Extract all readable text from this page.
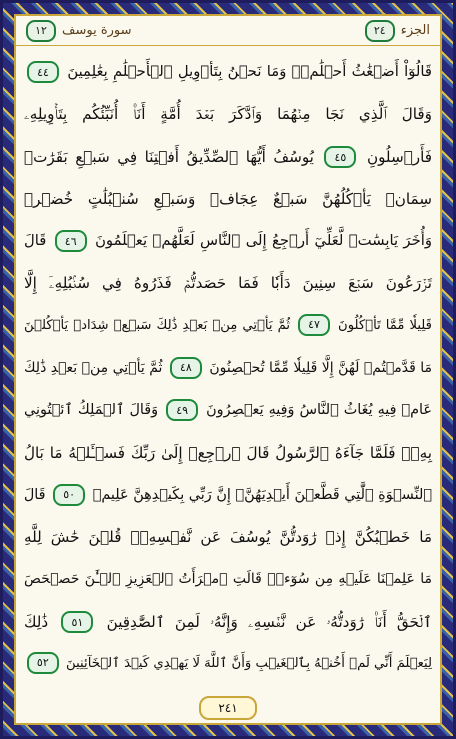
الجزء
٢٤
سورة يوسف
١٢
قَالُوٓاْ أَضۡغَٰثُ أَحۡلَٰمٖۖ وَمَا نَحۡنُ بِتَأۡوِيلِ ٱلۡأَحۡلَٰمِ بِعَٰلِمِينَ ٤٤
وَقَالَ ٱلَّذِي نَجَا مِنۡهُمَا وَٱدَّكَرَ بَعۡدَ أُمَّةٍ أَنَا۠ أُنَبِّئُكُم بِتَأۡوِيلِهِۦ
فَأَرۡسِلُونِ ٤٥ يُوسُفُ أَيُّهَا ٱلصِّدِّيقُ أَفۡتِنَا فِي سَبۡعِ بَقَرَٰتٖ
سِمَانٖ يَأۡكُلُهُنَّ سَبۡعٌ عِجَافٞ وَسَبۡعِ سُنۢبُلَٰتٍ خُضۡرٖ
وَأُخَرَ يَابِسَٰتٖ لَّعَلِّيٓ أَرۡجِعُ إِلَى ٱلنَّاسِ لَعَلَّهُمۡ يَعۡلَمُونَ ٤٦ قَالَ
تَزۡرَعُونَ سَبۡعَ سِنِينَ دَأَبٗا فَمَا حَصَدتُّمۡ فَذَرُوهُ فِي سُنۢبُلِهِۦٓ إِلَّا
قَلِيلٗا مِّمَّا تَأۡكُلُونَ ٤٧ ثُمَّ يَأۡتِي مِنۢ بَعۡدِ ذَٰلِكَ سَبۡعٞ شِدَادٞ يَأۡكُلۡنَ
مَا قَدَّمۡتُمۡ لَهُنَّ إِلَّا قَلِيلٗا مِّمَّا تُحۡصِنُونَ ٤٨ ثُمَّ يَأۡتِي مِنۢ بَعۡدِ ذَٰلِكَ
عَامٞ فِيهِ يُغَاثُ ٱلنَّاسُ وَفِيهِ يَعۡصِرُونَ ٤٩ وَقَالَ ٱلۡمَلِكُ ٱئۡتُونِي
بِهِۦۖ فَلَمَّا جَآءَهُ ٱلرَّسُولُ قَالَ ٱرۡجِعۡ إِلَىٰ رَبِّكَ فَسۡـَٔلۡهُ مَا بَالُ
ٱلنِّسۡوَةِ ٱلَّٰتِي قَطَّعۡنَ أَيۡدِيَهُنَّۚ إِنَّ رَبِّي بِكَيۡدِهِنَّ عَلِيمٞ ٥٠ قَالَ
مَا خَطۡبُكُنَّ إِذۡ رَٰوَدتُّنَّ يُوسُفَ عَن نَّفۡسِهِۦۚ قُلۡنَ حَٰشَ لِلَّهِ
مَا عَلِمۡنَا عَلَيۡهِ مِن سُوٓءٖۚ قَالَتِ ٱمۡرَأَتُ ٱلۡعَزِيزِ ٱلۡـَٰٔنَ حَصۡحَصَ
ٱلۡحَقُّ أَنَا۠ رَٰوَدتُّهُۥ عَن نَّفۡسِهِۦ وَإِنَّهُۥ لَمِنَ ٱلصَّٰدِقِينَ ٥١ ذَٰلِكَ
لِيَعۡلَمَ أَنِّي لَمۡ أَخُنۡهُ بِٱلۡغَيۡبِ وَأَنَّ ٱللَّهَ لَا يَهۡدِي كَيۡدَ ٱلۡخَآئِنِينَ ٥٢
٢٤١
